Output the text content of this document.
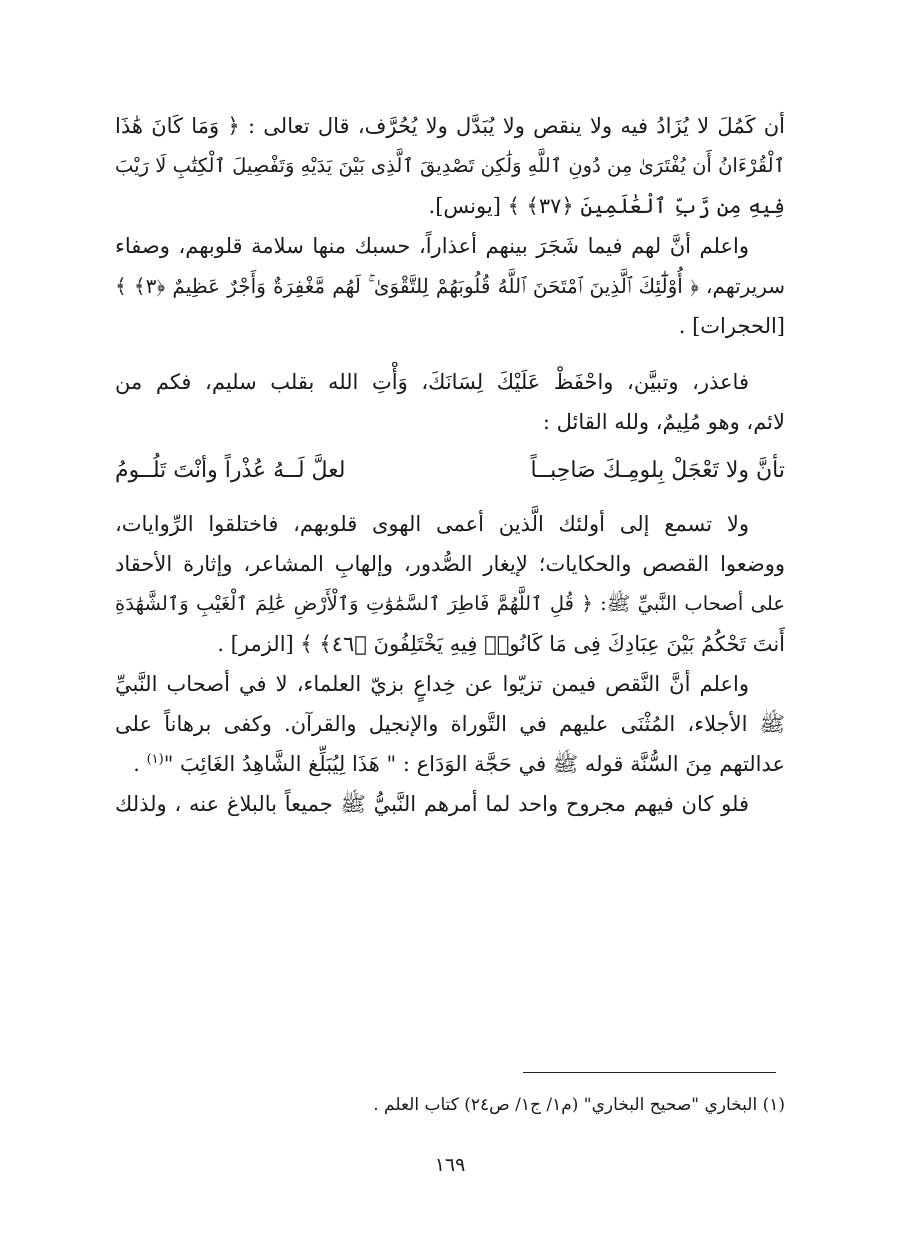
أن كَمُلَ لا يُزَادُ فيه ولا ينقص ولا يُبَدَّل ولا يُحُرَّف، قال تعالى : ﴿ وَمَا كَانَ هَٰذَا
ٱلْقُرْءَانُ أَن يُفْتَرَىٰ مِن دُونِ ٱللَّهِ وَلَٰكِن تَصْدِيقَ ٱلَّذِى بَيْنَ يَدَيْهِ وَتَفْصِيلَ ٱلْكِتَٰبِ لَا رَيْبَ
فِيهِ مِن رَّبِّ ٱلْعَٰلَمِينَ ﴿٣٧﴾ ﴾ [يونس].
واعلم أنَّ لهم فيما شَجَرَ بينهم أعذاراً، حسبك منها سلامة قلوبهم، وصفاء
سريرتهم، ﴿ أُوْلَٰٓئِكَ ٱلَّذِينَ ٱمْتَحَنَ ٱللَّهُ قُلُوبَهُمْ لِلتَّقْوَىٰ ۚ لَهُم مَّغْفِرَةٌ وَأَجْرٌ عَظِيمٌ ﴿٣﴾ ﴾
[الحجرات] .
فاعذر، وتبيَّن، واحْفَظْ عَلَيْكَ لِسَانَكَ، وَأْتِ الله بقلب سليم، فكم من
لائم، وهو مُلِيمٌ، ولله القائل :
تأنَّ ولا تَعْجَلْ بِلومِـكَ صَاحِبــاً
لعلَّ لَــهُ عُذْراً وأنْتَ تَلُــومُ
ولا تسمع إلى أولئك الَّذين أعمى الهوى قلوبهم، فاختلقوا الرِّوايات،
ووضعوا القصص والحكايات؛ لإيغار الصُّدور، وإلهابِ المشاعر، وإثارة الأحقاد
على أصحاب النَّبيِّ ﷺ: ﴿ قُلِ ٱللَّهُمَّ فَاطِرَ ٱلسَّمَٰوَٰتِ وَٱلْأَرْضِ عَٰلِمَ ٱلْغَيْبِ وَٱلشَّهَٰدَةِ
أَنتَ تَحْكُمُ بَيْنَ عِبَادِكَ فِى مَا كَانُوا۟ فِيهِ يَخْتَلِفُونَ ﴿٤٦﴾ ﴾ [الزمر] .
واعلم أنَّ النَّقص فيمن تزيّوا عن خِداعٍ بزيّ العلماء، لا في أصحاب النَّبيِّ
ﷺ الأجلاء، المُثْنَى عليهم في التَّوراة والإنجيل والقرآن. وكفى برهاناً على
عدالتهم مِنَ السُّنَّة قوله ﷺ في حَجَّة الوَدَاع : " هَذَا لِيُبَلِّغ الشَّاهِدُ الغَائِبَ "$^{(١)}$ .
فلو كان فيهم مجروح واحد لما أمرهم النَّبيُّ ﷺ جميعاً بالبلاغ عنه ، ولذلك
(١) البخاري "صحيح البخاري" (م١/ ج١/ ص٢٤) كتاب العلم .
١٦٩
